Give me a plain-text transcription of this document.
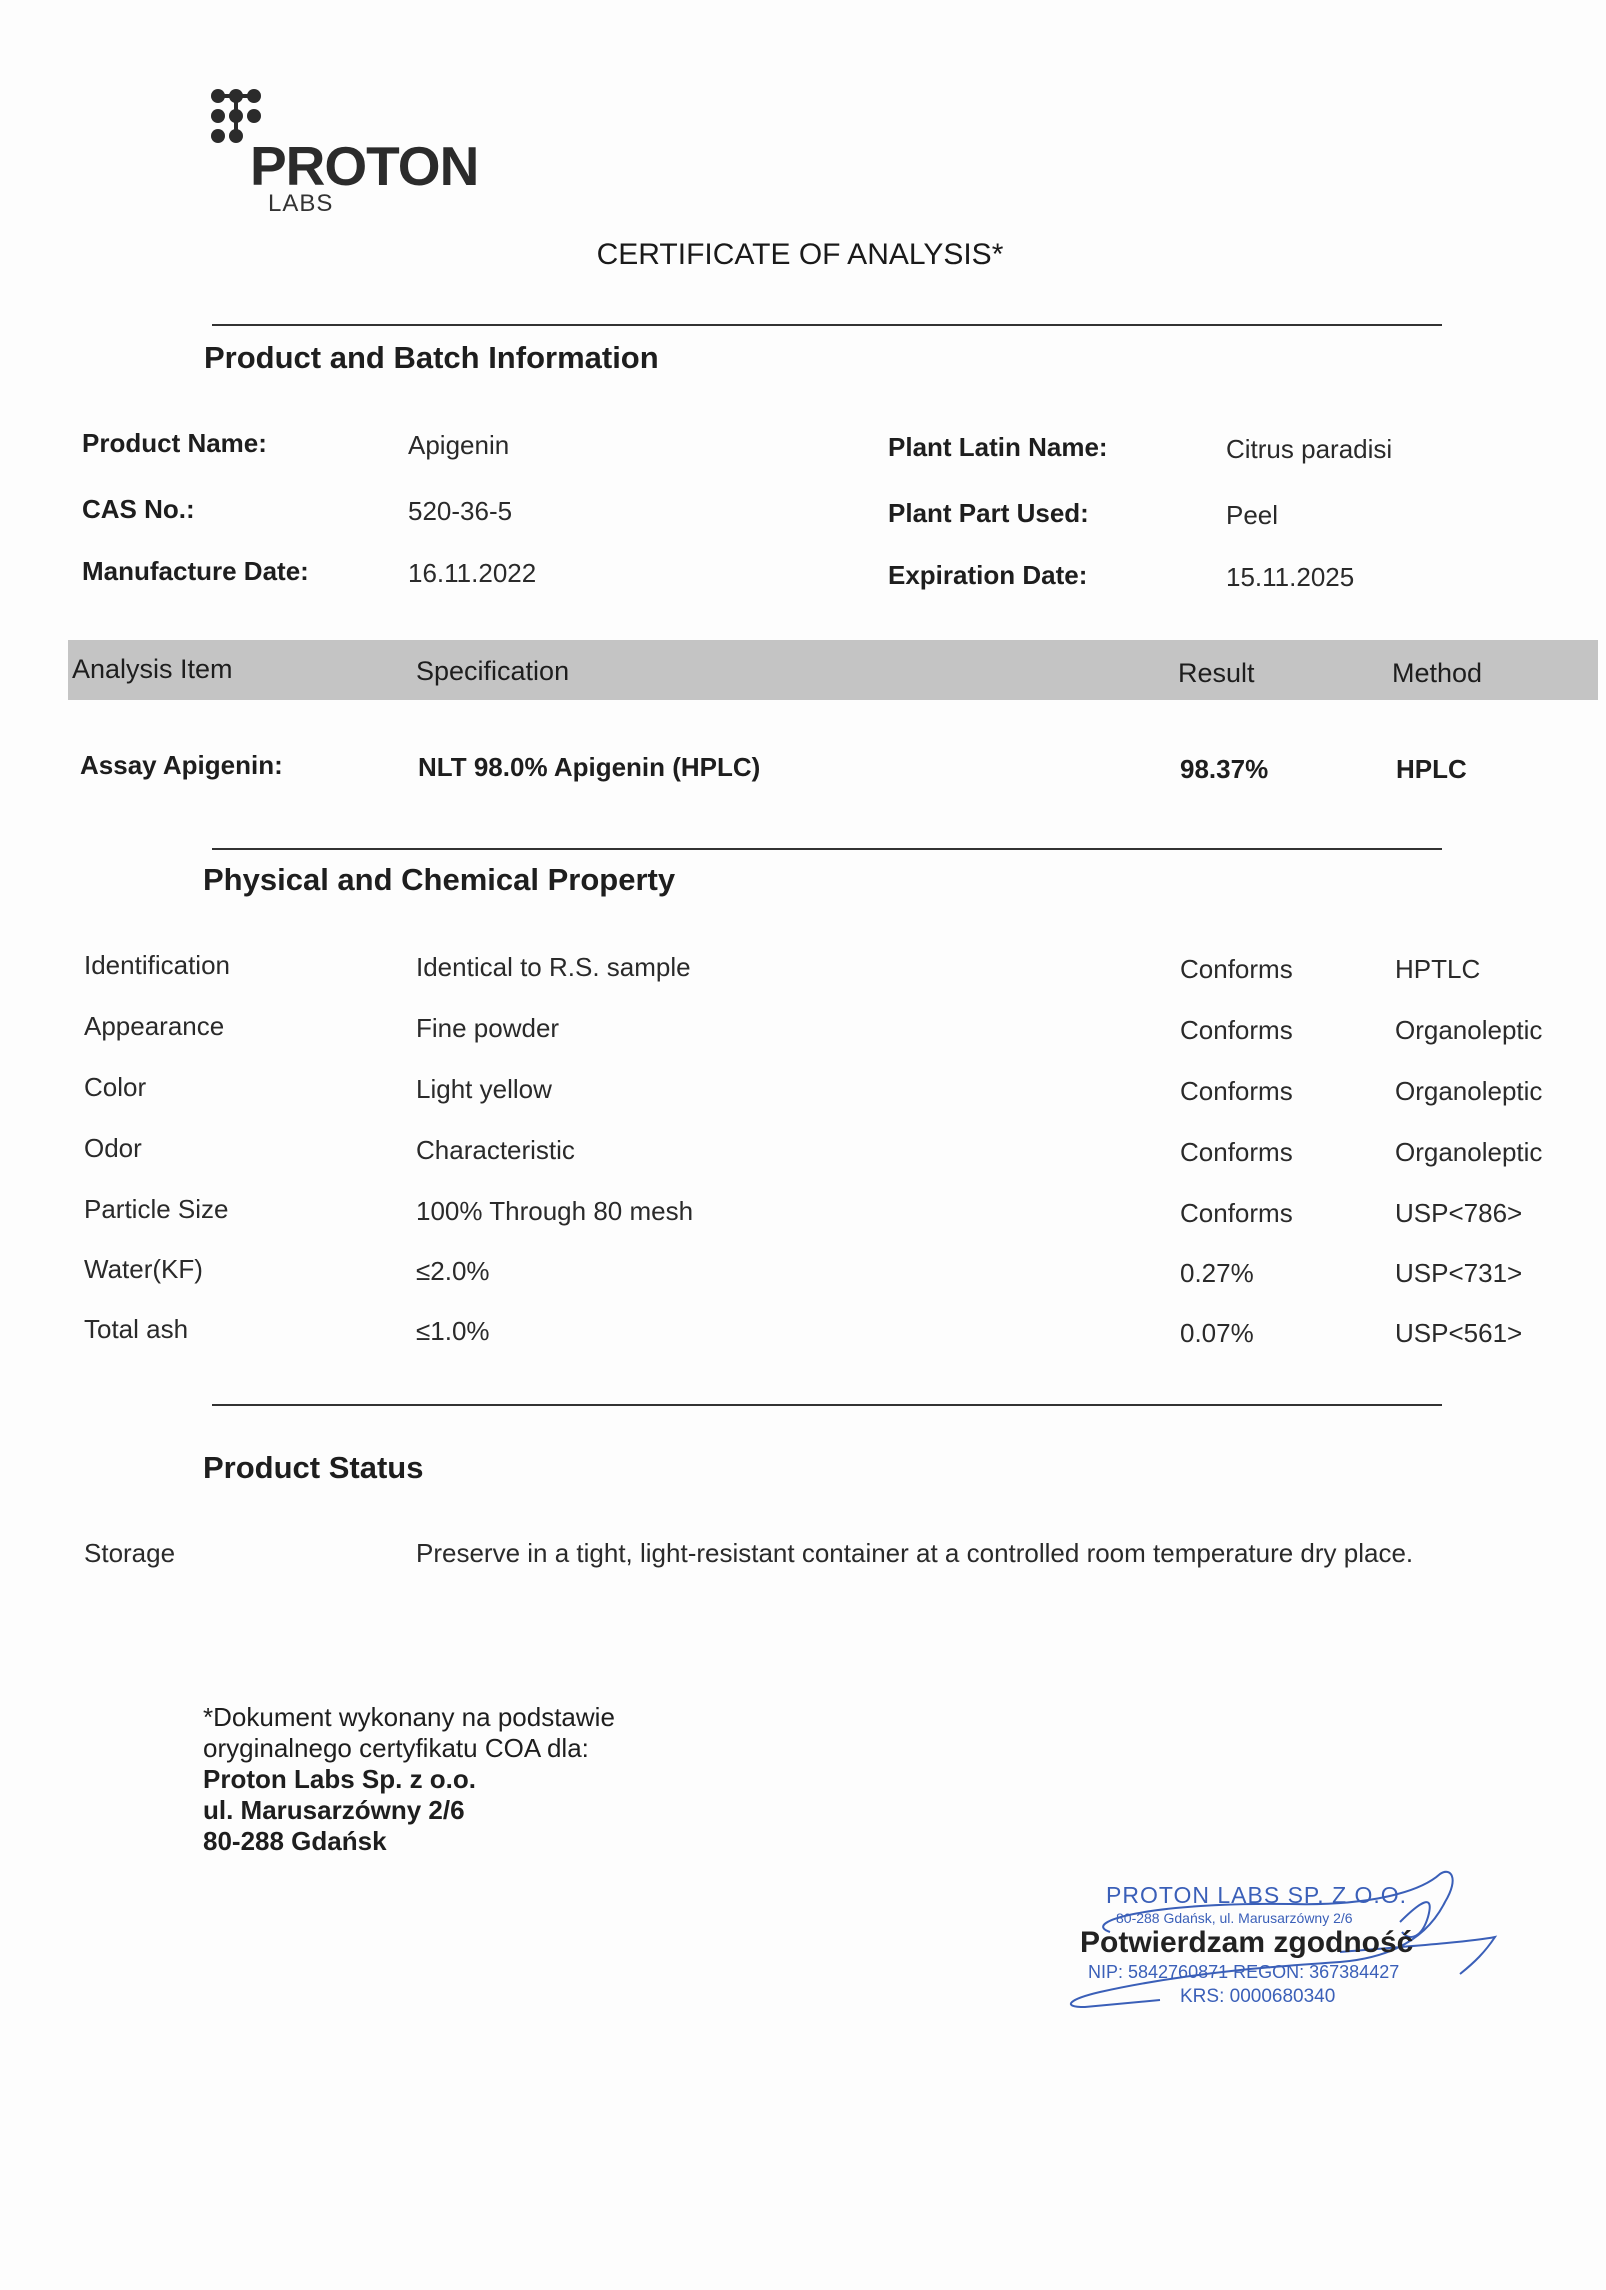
PROTON
LABS
CERTIFICATE OF ANALYSIS*
Product and Batch Information
Product Name:	Apigenin
CAS No.:	520-36-5
Manufacture Date:	16.11.2022
Plant Latin Name:	Citrus paradisi
Plant Part Used:	Peel
Expiration Date:	15.11.2025
Analysis Item	Specification	Result	Method
Assay Apigenin:	NLT 98.0% Apigenin (HPLC)	98.37%	HPLC
Physical and Chemical Property
Identification	Identical to R.S. sample	Conforms	HPTLC
Appearance	Fine powder	Conforms	Organoleptic
Color	Light yellow	Conforms	Organoleptic
Odor	Characteristic	Conforms	Organoleptic
Particle Size	100% Through 80 mesh	Conforms	USP<786>
Water(KF)	≤2.0%	0.27%	USP<731>
Total ash	≤1.0%	0.07%	USP<561>
Product Status
Storage	Preserve in a tight, light-resistant container at a controlled room temperature dry place.
*Dokument wykonany na podstawie
oryginalnego certyfikatu COA dla:
Proton Labs Sp. z o.o.
ul. Marusarzówny 2/6
80-288 Gdańsk
PROTON LABS SP. Z O.O.
80-288 Gdańsk, ul. Marusarzówny 2/6
Potwierdzam zgodność
NIP: 5842760871 REGON: 367384427
KRS: 0000680340
